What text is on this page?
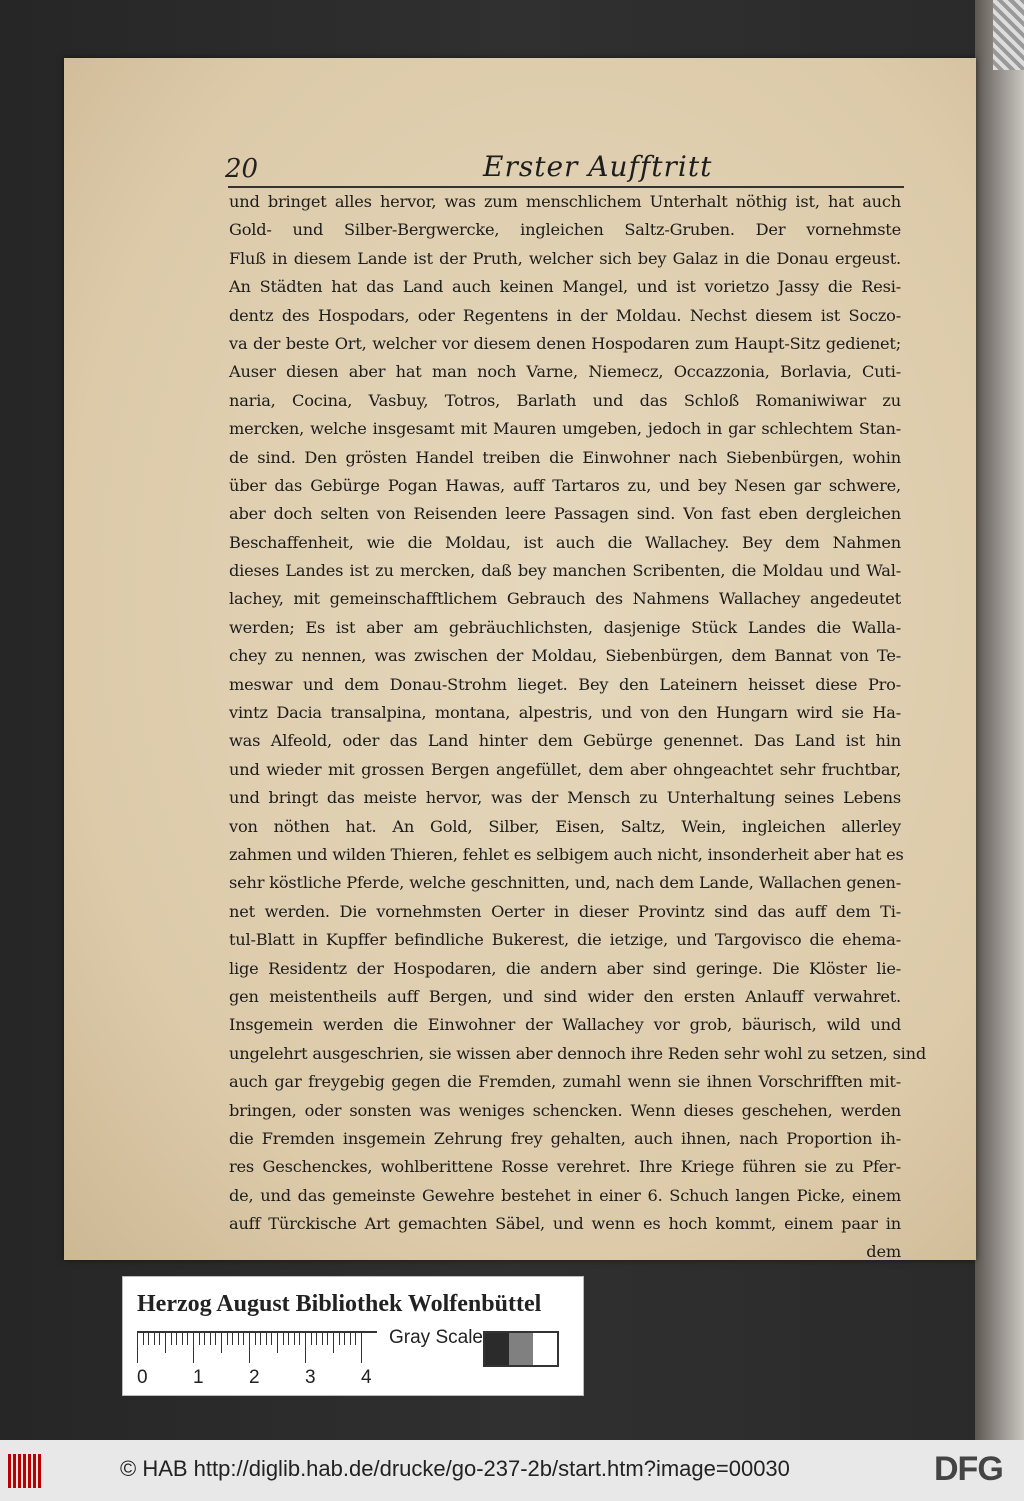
20	Erster Aufftritt
und bringet alles hervor, was zum menschlichem Unterhalt nöthig ist, hat auch
Gold- und Silber-Bergwercke, ingleichen Saltz-Gruben. Der vornehmste
Fluß in diesem Lande ist der Pruth, welcher sich bey Galaz in die Donau ergeust.
An Städten hat das Land auch keinen Mangel, und ist vorietzo Jassy die Resi-
dentz des Hospodars, oder Regentens in der Moldau. Nechst diesem ist Soczo-
va der beste Ort, welcher vor diesem denen Hospodaren zum Haupt-Sitz gedienet;
Auser diesen aber hat man noch Varne, Niemecz, Occazzonia, Borlavia, Cuti-
naria, Cocina, Vasbuy, Totros, Barlath und das Schloß Romaniwiwar zu
mercken, welche insgesamt mit Mauren umgeben, jedoch in gar schlechtem Stan-
de sind. Den grösten Handel treiben die Einwohner nach Siebenbürgen, wohin
über das Gebürge Pogan Hawas, auff Tartaros zu, und bey Nesen gar schwere,
aber doch selten von Reisenden leere Passagen sind. Von fast eben dergleichen
Beschaffenheit, wie die Moldau, ist auch die Wallachey. Bey dem Nahmen
dieses Landes ist zu mercken, daß bey manchen Scribenten, die Moldau und Wal-
lachey, mit gemeinschafftlichem Gebrauch des Nahmens Wallachey angedeutet
werden; Es ist aber am gebräuchlichsten, dasjenige Stück Landes die Walla-
chey zu nennen, was zwischen der Moldau, Siebenbürgen, dem Bannat von Te-
meswar und dem Donau-Strohm lieget. Bey den Lateinern heisset diese Pro-
vintz Dacia transalpina, montana, alpestris, und von den Hungarn wird sie Ha-
was Alfeold, oder das Land hinter dem Gebürge genennet. Das Land ist hin
und wieder mit grossen Bergen angefüllet, dem aber ohngeachtet sehr fruchtbar,
und bringt das meiste hervor, was der Mensch zu Unterhaltung seines Lebens
von nöthen hat. An Gold, Silber, Eisen, Saltz, Wein, ingleichen allerley
zahmen und wilden Thieren, fehlet es selbigem auch nicht, insonderheit aber hat es
sehr köstliche Pferde, welche geschnitten, und, nach dem Lande, Wallachen genen-
net werden. Die vornehmsten Oerter in dieser Provintz sind das auff dem Ti-
tul-Blatt in Kupffer befindliche Bukerest, die ietzige, und Targovisco die ehema-
lige Residentz der Hospodaren, die andern aber sind geringe. Die Klöster lie-
gen meistentheils auff Bergen, und sind wider den ersten Anlauff verwahret.
Insgemein werden die Einwohner der Wallachey vor grob, bäurisch, wild und
ungelehrt ausgeschrien, sie wissen aber dennoch ihre Reden sehr wohl zu setzen, sind
auch gar freygebig gegen die Fremden, zumahl wenn sie ihnen Vorschrifften mit-
bringen, oder sonsten was weniges schencken. Wenn dieses geschehen, werden
die Fremden insgemein Zehrung frey gehalten, auch ihnen, nach Proportion ih-
res Geschenckes, wohlberittene Rosse verehret. Ihre Kriege führen sie zu Pfer-
de, und das gemeinste Gewehre bestehet in einer 6. Schuch langen Picke, einem
auff Türckische Art gemachten Säbel, und wenn es hoch kommt, einem paar in
dem
Herzog August Bibliothek Wolfenbüttel
0 1 2 3 4
Gray Scale
© HAB http://diglib.hab.de/drucke/go-237-2b/start.htm?image=00030	DFG
